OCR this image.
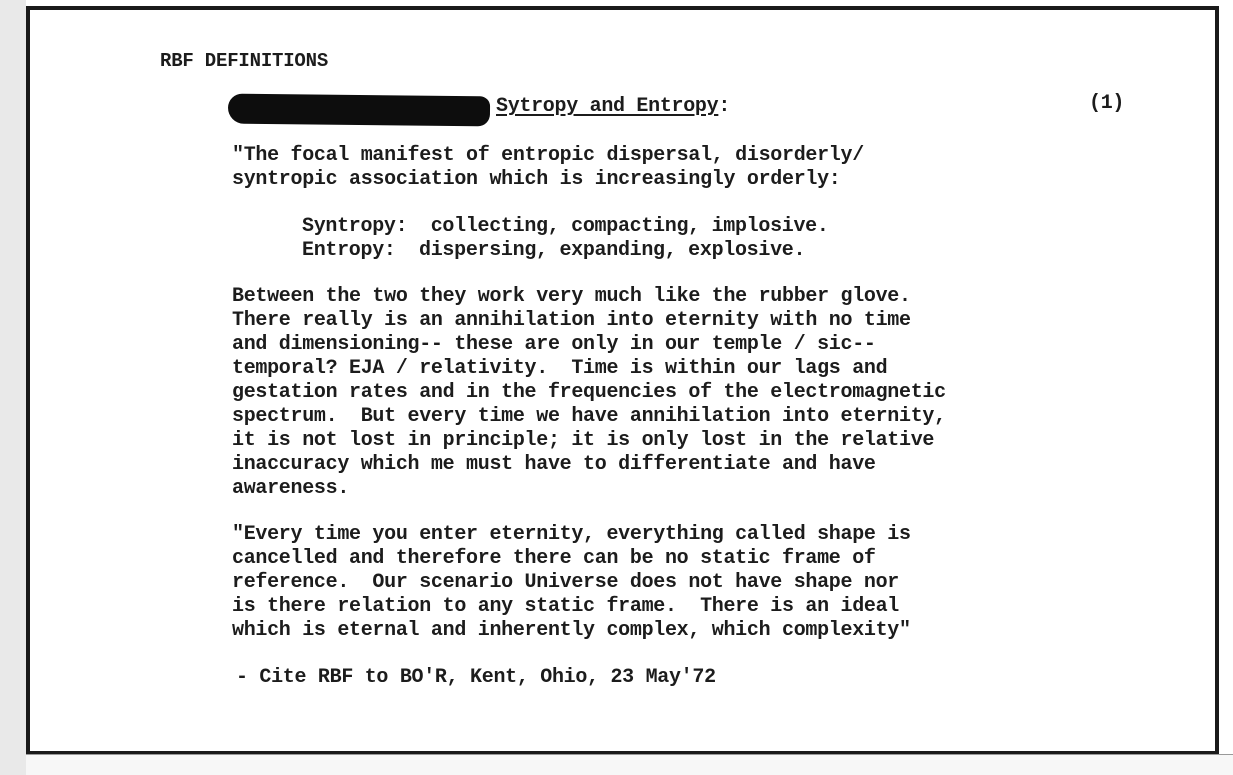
RBF DEFINITIONS
Sytropy and Entropy:	(1)
"The focal manifest of entropic dispersal, disorderly/
syntropic association which is increasingly orderly:
Syntropy:  collecting, compacting, implosive.
Entropy:  dispersing, expanding, explosive.
Between the two they work very much like the rubber glove.
There really is an annihilation into eternity with no time
and dimensioning-- these are only in our temple / sic--
temporal? EJA / relativity.  Time is within our lags and
gestation rates and in the frequencies of the electromagnetic
spectrum.  But every time we have annihilation into eternity,
it is not lost in principle; it is only lost in the relative
inaccuracy which me must have to differentiate and have
awareness.
"Every time you enter eternity, everything called shape is
cancelled and therefore there can be no static frame of
reference.  Our scenario Universe does not have shape nor
is there relation to any static frame.  There is an ideal
which is eternal and inherently complex, which complexity"
- Cite RBF to BO'R, Kent, Ohio, 23 May'72
